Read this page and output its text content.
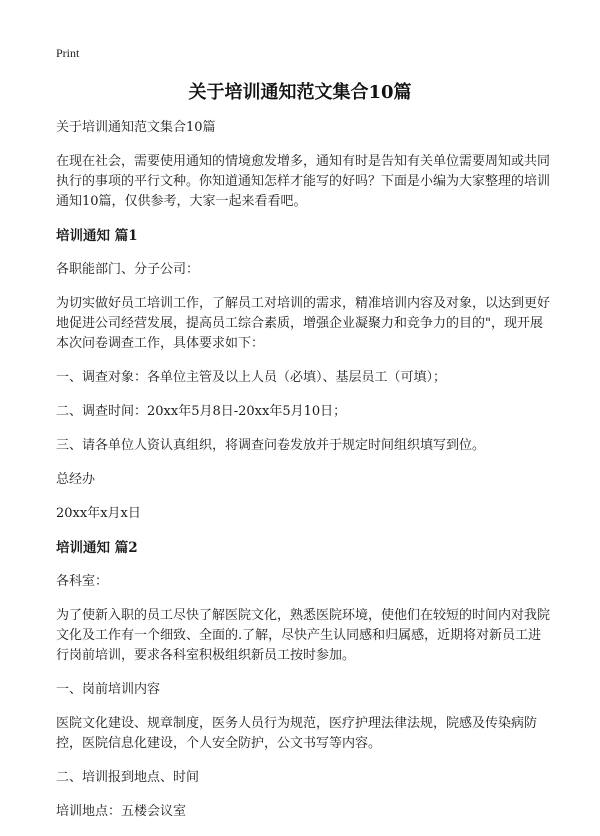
Print
关于培训通知范文集合10篇

关于培训通知范文集合10篇

在现在社会，需要使用通知的情境愈发增多，通知有时是告知有关单位需要周知或共同执行的事项的平行文种。你知道通知怎样才能写的好吗？下面是小编为大家整理的培训通知10篇，仅供参考，大家一起来看看吧。

培训通知 篇1

各职能部门、分子公司：

为切实做好员工培训工作，了解员工对培训的需求，精准培训内容及对象，以达到更好地促进公司经营发展，提高员工综合素质，增强企业凝聚力和竞争力的目的"，现开展本次问卷调查工作，具体要求如下：

一、调查对象：各单位主管及以上人员（必填）、基层员工（可填）；

二、调查时间：20xx年5月8日-20xx年5月10日；

三、请各单位人资认真组织，将调查问卷发放并于规定时间组织填写到位。

总经办

20xx年x月x日

培训通知 篇2

各科室：

为了使新入职的员工尽快了解医院文化，熟悉医院环境，使他们在较短的时间内对我院文化及工作有一个细致、全面的.了解，尽快产生认同感和归属感，近期将对新员工进行岗前培训，要求各科室积极组织新员工按时参加。

一、岗前培训内容

医院文化建设、规章制度，医务人员行为规范，医疗护理法律法规，院感及传染病防控，医院信息化建设，个人安全防护，公文书写等内容。

二、培训报到地点、时间

培训地点：五楼会议室
